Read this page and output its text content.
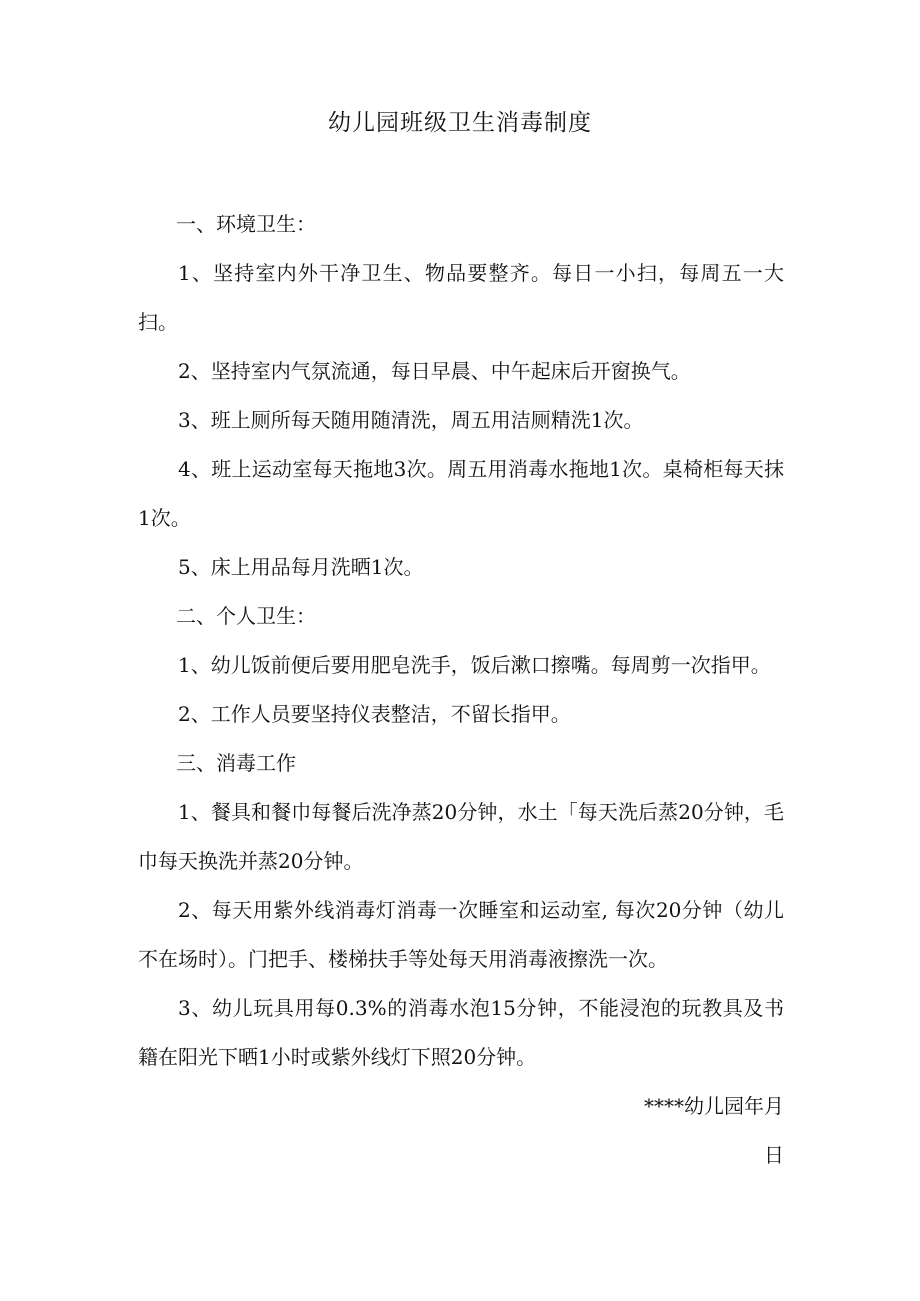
幼儿园班级卫生消毒制度

一、环境卫生：

1、坚持室内外干净卫生、物品要整齐。每日一小扫，每周五一大扫。

2、坚持室内气氛流通，每日早晨、中午起床后开窗换气。

3、班上厕所每天随用随清洗，周五用洁厕精洗1次。

4、班上运动室每天拖地3次。周五用消毒水拖地1次。桌椅柜每天抹1次。

5、床上用品每月洗晒1次。

二、个人卫生：

1、幼儿饭前便后要用肥皂洗手，饭后漱口擦嘴。每周剪一次指甲。

2、工作人员要坚持仪表整洁，不留长指甲。

三、消毒工作

1、餐具和餐巾每餐后洗净蒸20分钟，水土「每天洗后蒸20分钟，毛巾每天换洗并蒸20分钟。

2、每天用紫外线消毒灯消毒一次睡室和运动室, 每次20分钟（幼儿不在场时）。门把手、楼梯扶手等处每天用消毒液擦洗一次。

3、幼儿玩具用每0.3%的消毒水泡15分钟，不能浸泡的玩教具及书籍在阳光下晒1小时或紫外线灯下照20分钟。

****幼儿园年月

日
